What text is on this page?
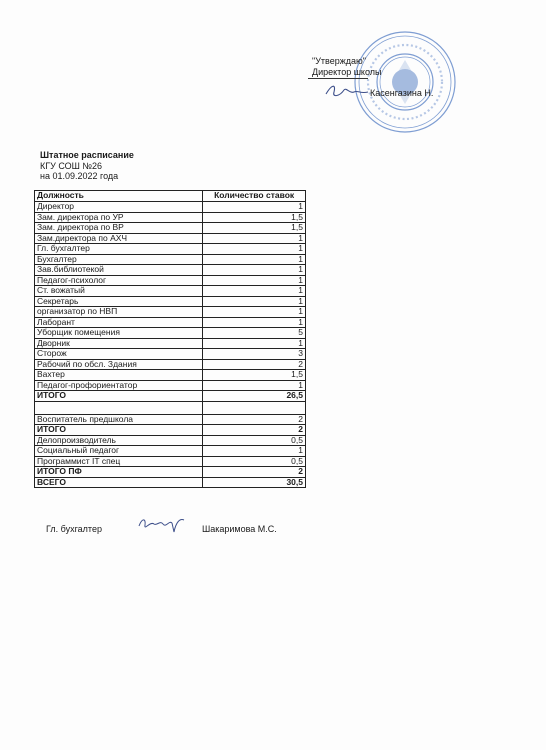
"Утверждаю"
Директор школы
Касенгазина Н.
Штатное расписание
КГУ СОШ №26
на 01.09.2022 года
Должность	Количество ставок
Директор	1
Зам. директора по УР	1,5
Зам. директора по ВР	1,5
Зам.директора по АХЧ	1
Гл. бухгалтер	1
Бухгалтер	1
Зав.библиотекой	1
Педагог-психолог	1
Ст. вожатый	1
Секретарь	1
организатор по НВП	1
Лаборант	1
Уборщик помещения	5
Дворник	1
Сторож	3
Рабочий по обсл. Здания	2
Вахтер	1,5
Педагог-профориентатор	1
ИТОГО	26,5

Воспитатель предшкола	2
ИТОГО	2
Делопроизводитель	0,5
Социальный педагог	1
Программист IT спец	0,5
ИТОГО ПФ	2
ВСЕГО	30,5
Гл. бухгалтер	Шакаримова М.С.
